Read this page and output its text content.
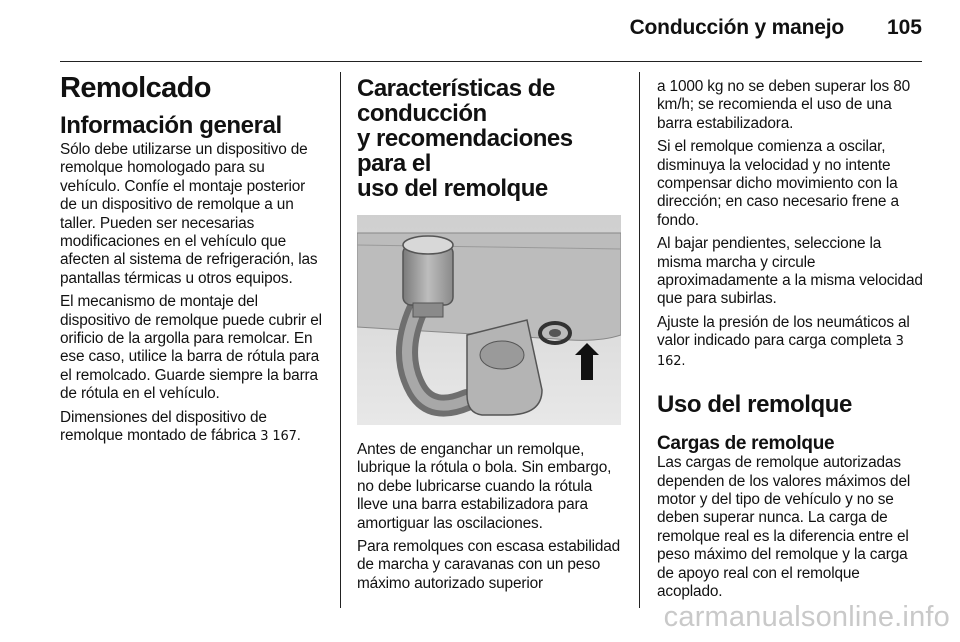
Conducción y manejo 105
Remolcado
Información general

Sólo debe utilizarse un dispositivo de remolque homologado para su vehículo. Confíe el montaje posterior de un dispositivo de remolque a un taller. Pueden ser necesarias modificaciones en el vehículo que afecten al sistema de refrigeración, las pantallas térmicas u otros equipos.

El mecanismo de montaje del dispositivo de remolque puede cubrir el orificio de la argolla para remolcar. En ese caso, utilice la barra de rótula para el remolcado. Guarde siempre la barra de rótula en el vehículo.

Dimensiones del dispositivo de remolque montado de fábrica 3 167.

Características de
conducción
y recomendaciones para el
uso del remolque

Antes de enganchar un remolque, lubrique la rótula o bola. Sin embargo, no debe lubricarse cuando la rótula lleve una barra estabilizadora para amortiguar las oscilaciones.

Para remolques con escasa estabilidad de marcha y caravanas con un peso máximo autorizado superior

a 1000 kg no se deben superar los 80 km/h; se recomienda el uso de una barra estabilizadora.

Si el remolque comienza a oscilar, disminuya la velocidad y no intente compensar dicho movimiento con la dirección; en caso necesario frene a fondo.

Al bajar pendientes, seleccione la misma marcha y circule aproximadamente a la misma velocidad que para subirlas.

Ajuste la presión de los neumáticos al valor indicado para carga completa 3 162.

Uso del remolque
Cargas de remolque

Las cargas de remolque autorizadas dependen de los valores máximos del motor y del tipo de vehículo y no se deben superar nunca. La carga de remolque real es la diferencia entre el peso máximo del remolque y la carga de apoyo real con el remolque acoplado.

carmanualsonline.info
